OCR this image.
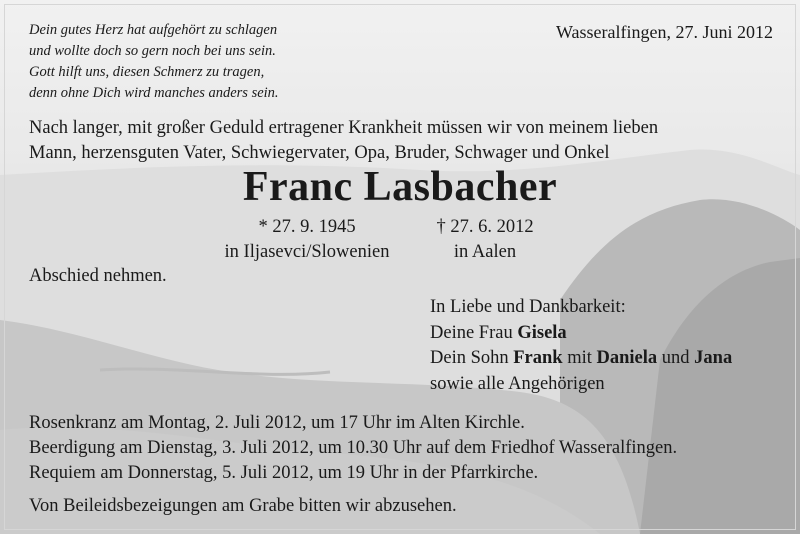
Dein gutes Herz hat aufgehört zu schlagen
und wollte doch so gern noch bei uns sein.
Gott hilft uns, diesen Schmerz zu tragen,
denn ohne Dich wird manches anders sein.
Wasseralfingen, 27. Juni 2012
Nach langer, mit großer Geduld ertragener Krankheit müssen wir von meinem lieben
Mann, herzensguten Vater, Schwiegervater, Opa, Bruder, Schwager und Onkel
Franc Lasbacher
* 27. 9. 1945
in Iljasevci/Slowenien
† 27. 6. 2012
in Aalen
Abschied nehmen.
In Liebe und Dankbarkeit:
Deine Frau Gisela
Dein Sohn Frank mit Daniela und Jana
sowie alle Angehörigen
Rosenkranz am Montag, 2. Juli 2012, um 17 Uhr im Alten Kirchle.
Beerdigung am Dienstag, 3. Juli 2012, um 10.30 Uhr auf dem Friedhof Wasseralfingen.
Requiem am Donnerstag, 5. Juli 2012, um 19 Uhr in der Pfarrkirche.
Von Beileidsbezeigungen am Grabe bitten wir abzusehen.
